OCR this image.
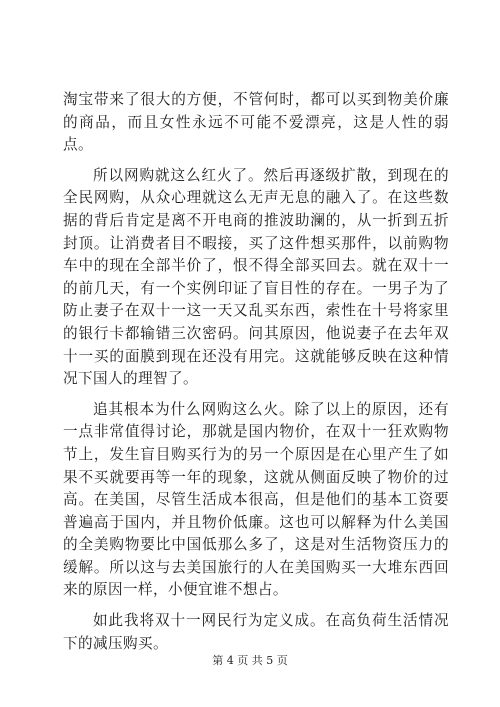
淘宝带来了很大的方便，不管何时，都可以买到物美价廉的商品，而且女性永远不可能不爱漂亮，这是人性的弱点。

所以网购就这么红火了。然后再逐级扩散，到现在的全民网购，从众心理就这么无声无息的融入了。在这些数据的背后肯定是离不开电商的推波助澜的，从一折到五折封顶。让消费者目不暇接，买了这件想买那件，以前购物车中的现在全部半价了，恨不得全部买回去。就在双十一的前几天，有一个实例印证了盲目性的存在。一男子为了防止妻子在双十一这一天又乱买东西，索性在十号将家里的银行卡都输错三次密码。问其原因，他说妻子在去年双十一买的面膜到现在还没有用完。这就能够反映在这种情况下国人的理智了。

追其根本为什么网购这么火。除了以上的原因，还有一点非常值得讨论，那就是国内物价，在双十一狂欢购物节上，发生盲目购买行为的另一个原因是在心里产生了如果不买就要再等一年的现象，这就从侧面反映了物价的过高。在美国，尽管生活成本很高，但是他们的基本工资要普遍高于国内，并且物价低廉。这也可以解释为什么美国的全美购物要比中国低那么多了，这是对生活物资压力的缓解。所以这与去美国旅行的人在美国购买一大堆东西回来的原因一样，小便宜谁不想占。

如此我将双十一网民行为定义成。在高负荷生活情况下的减压购买。

第 4 页 共 5 页
